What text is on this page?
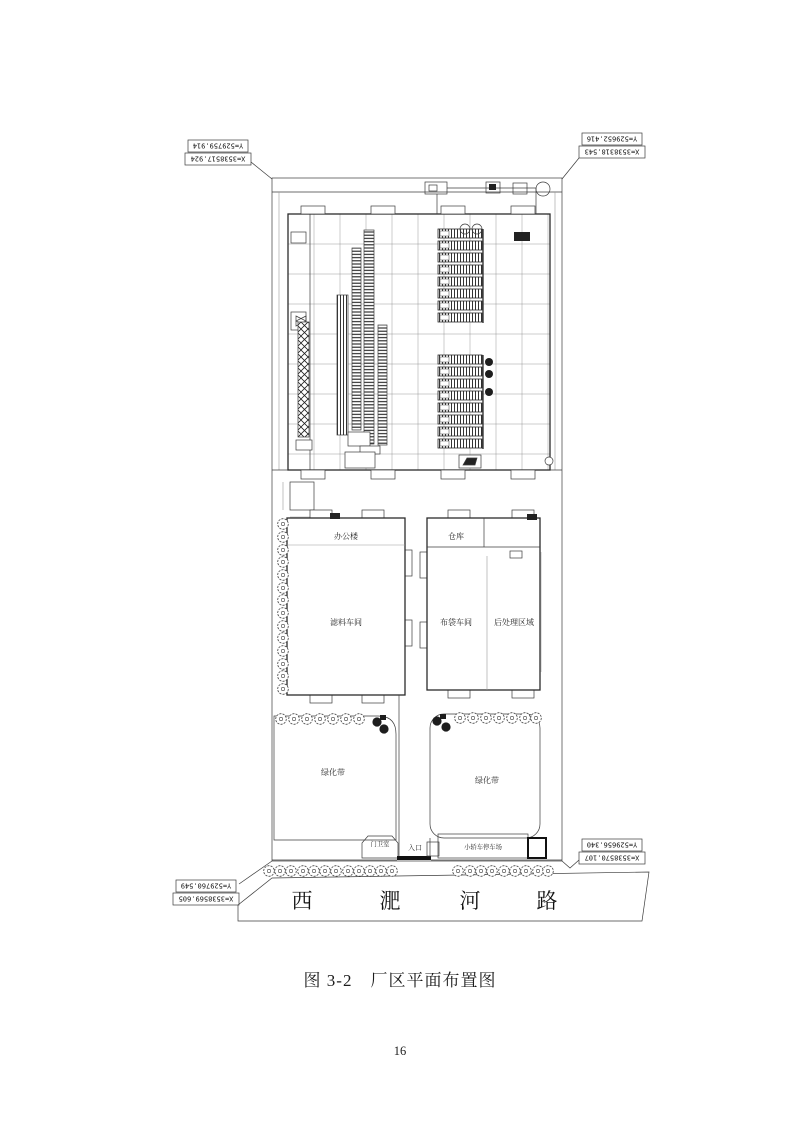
Y=529759.914
X=3538517.924
Y=529652.416
X=3538318.543
Y=529656.340
X=3538570.107
Y=529760.549
X=3538569.605
办公楼
滤料车间
仓库
布袋车间	后处理区域
绿化带
绿化带
门卫室
入口	小轿车停车场
西	淝	河	路
图 3-2　厂区平面布置图
16
